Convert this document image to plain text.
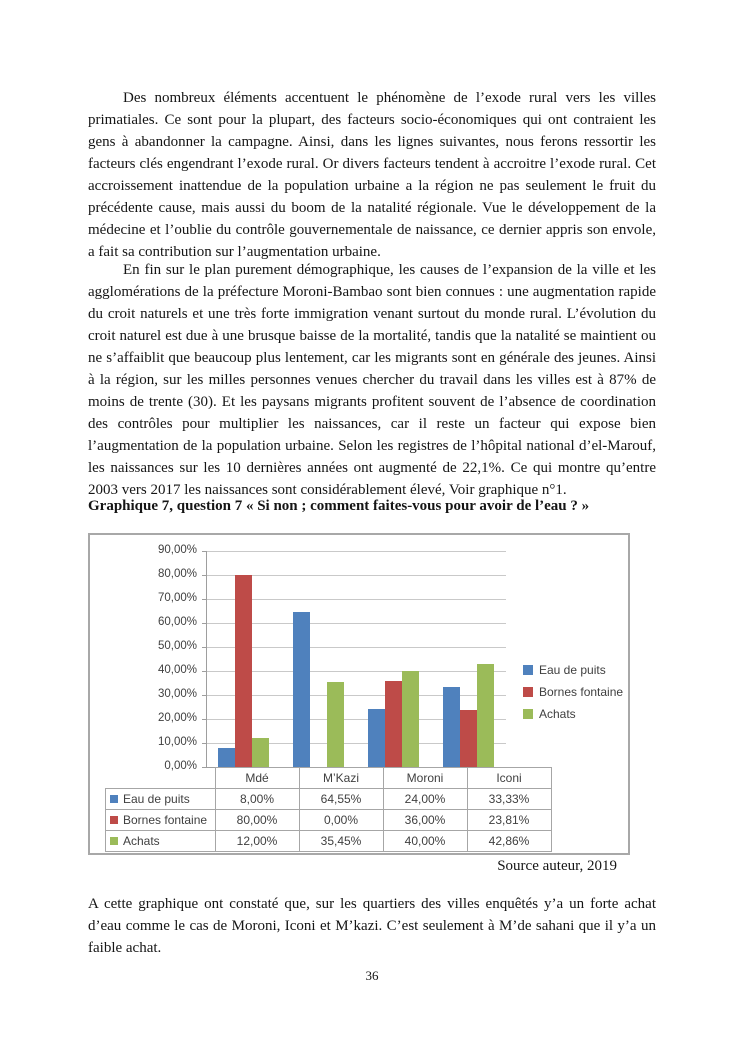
Des nombreux éléments accentuent le phénomène de l’exode rural vers les villes primatiales. Ce sont pour la plupart, des facteurs socio-économiques qui ont contraient les gens à abandonner la campagne. Ainsi, dans les lignes suivantes, nous ferons ressortir les facteurs clés engendrant l’exode rural. Or divers facteurs tendent à accroitre l’exode rural. Cet accroissement inattendue de la population urbaine a la région ne pas seulement le fruit du précédente cause, mais aussi du boom de la natalité régionale. Vue le développement de la médecine et l’oublie du contrôle gouvernementale de naissance, ce dernier appris son envole, a fait sa contribution sur l’augmentation urbaine.

En fin sur le plan purement démographique, les causes de l’expansion de la ville et les agglomérations de la préfecture Moroni-Bambao sont bien connues : une augmentation rapide du croit naturels et une très forte immigration venant surtout du monde rural. L’évolution du croit naturel est due à une brusque baisse de la mortalité, tandis que la natalité se maintient ou ne s’affaiblit que beaucoup plus lentement, car les migrants sont en générale des jeunes. Ainsi à la région, sur les milles personnes venues chercher du travail dans les villes est à 87% de moins de trente (30). Et les paysans migrants profitent souvent de l’absence de coordination des contrôles pour multiplier les naissances, car il reste un facteur qui expose bien l’augmentation de la population urbaine. Selon les registres de l’hôpital national d’el-Marouf, les naissances sur les 10 dernières années ont augmenté de 22,1%. Ce qui montre qu’entre 2003 vers 2017 les naissances sont considérablement élevé, Voir graphique n°1.

Graphique 7, question 7 « Si non ; comment faites-vous pour avoir de l’eau ? »
0,00%
10,00%
20,00%
30,00%
40,00%
50,00%
60,00%
70,00%
80,00%
90,00%
	Mdé	M’Kazi	Moroni	Iconi
Eau de puits	8,00%	64,55%	24,00%	33,33%
Bornes fontaine	80,00%	0,00%	36,00%	23,81%
Achats	12,00%	35,45%	40,00%	42,86%
Eau de puits
Bornes fontaine
Achats
Source auteur, 2019

A cette graphique ont constaté que, sur les quartiers des villes enquêtés y’a un forte achat d’eau comme le cas de Moroni, Iconi et M’kazi. C’est seulement à M’de sahani que il y’a un faible achat.

36
